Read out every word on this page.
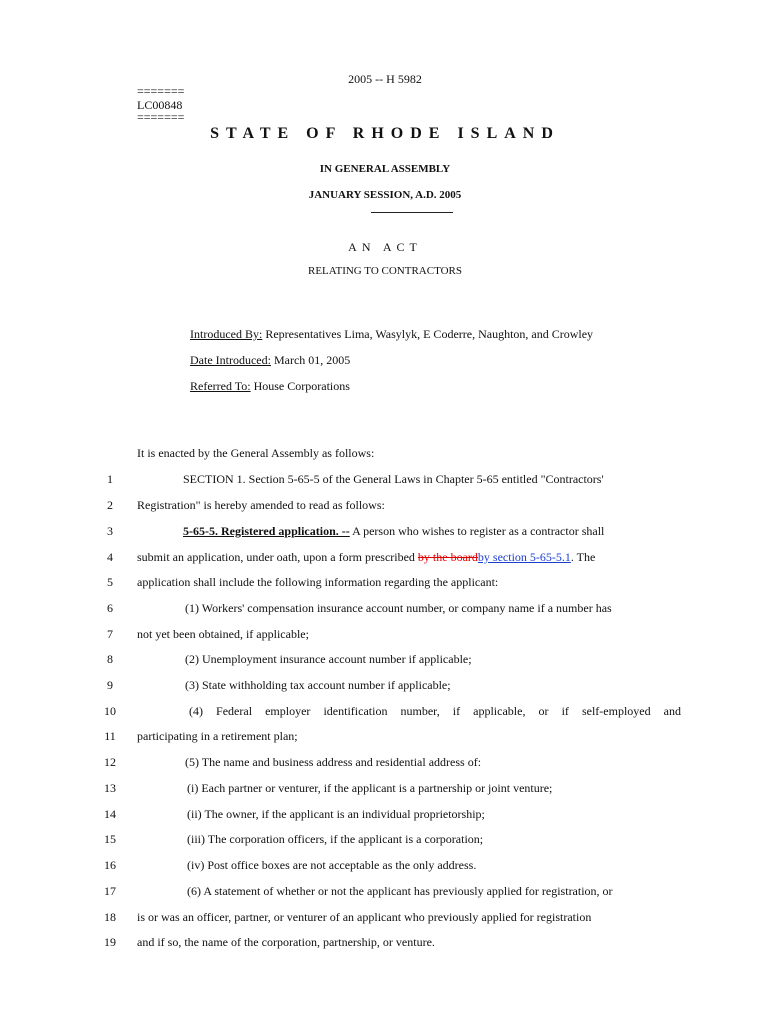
2005 -- H 5982
=======
LC00848
=======
STATE OF RHODE ISLAND
IN GENERAL ASSEMBLY
JANUARY SESSION, A.D. 2005
AN ACT
RELATING TO CONTRACTORS
Introduced By: Representatives Lima, Wasylyk, E Coderre, Naughton, and Crowley
Date Introduced: March 01, 2005
Referred To: House Corporations
It is enacted by the General Assembly as follows:
1
2
3
4
5
6
7
8
9
10
11
12
13
14
15
16
17
18
19
SECTION 1. Section 5-65-5 of the General Laws in Chapter 5-65 entitled "Contractors'
Registration" is hereby amended to read as follows:
5-65-5. Registered application. -- A person who wishes to register as a contractor shall
submit an application, under oath, upon a form prescribed by the boardby section 5-65-5.1. The
application shall include the following information regarding the applicant:
(1) Workers' compensation insurance account number, or company name if a number has
not yet been obtained, if applicable;
(2) Unemployment insurance account number if applicable;
(3) State withholding tax account number if applicable;
(4) Federal employer identification number, if applicable, or if self-employed and
participating in a retirement plan;
(5) The name and business address and residential address of:
(i) Each partner or venturer, if the applicant is a partnership or joint venture;
(ii) The owner, if the applicant is an individual proprietorship;
(iii) The corporation officers, if the applicant is a corporation;
(iv) Post office boxes are not acceptable as the only address.
(6) A statement of whether or not the applicant has previously applied for registration, or
is or was an officer, partner, or venturer of an applicant who previously applied for registration
and if so, the name of the corporation, partnership, or venture.
